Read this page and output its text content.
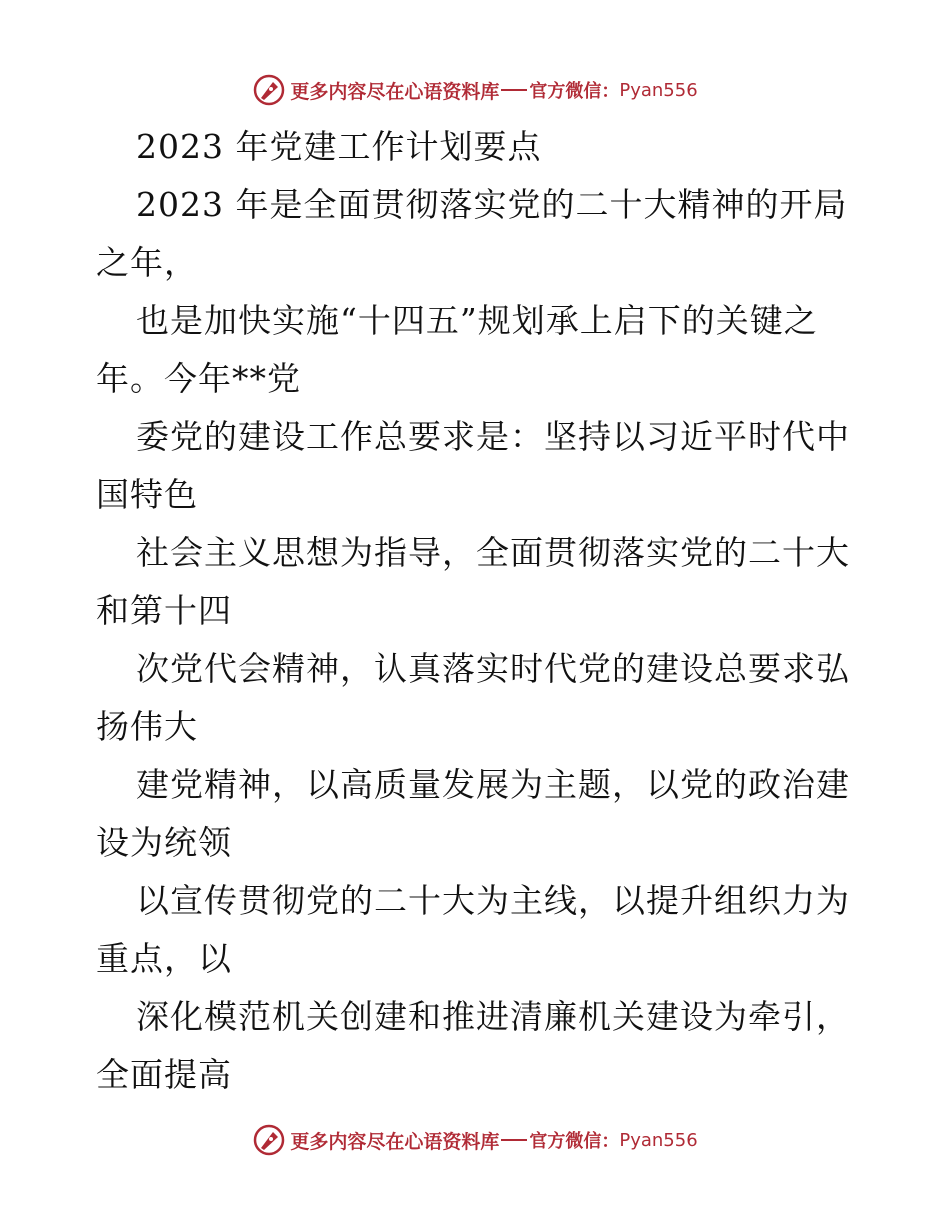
更多内容尽在心语资料库 官方微信： Pyan556
2023 年党建工作计划要点
2023 年是全面贯彻落实党的二十大精神的开局
之年，
也是加快实施“十四五”规划承上启下的关键之
年。今年**党
委党的建设工作总要求是：坚持以习近平时代中
国特色
社会主义思想为指导，全面贯彻落实党的二十大
和第十四
次党代会精神，认真落实时代党的建设总要求弘
扬伟大
建党精神，以高质量发展为主题，以党的政治建
设为统领
以宣传贯彻党的二十大为主线，以提升组织力为
重点，以
深化模范机关创建和推进清廉机关建设为牵引，
全面提高
更多内容尽在心语资料库 官方微信： Pyan556
